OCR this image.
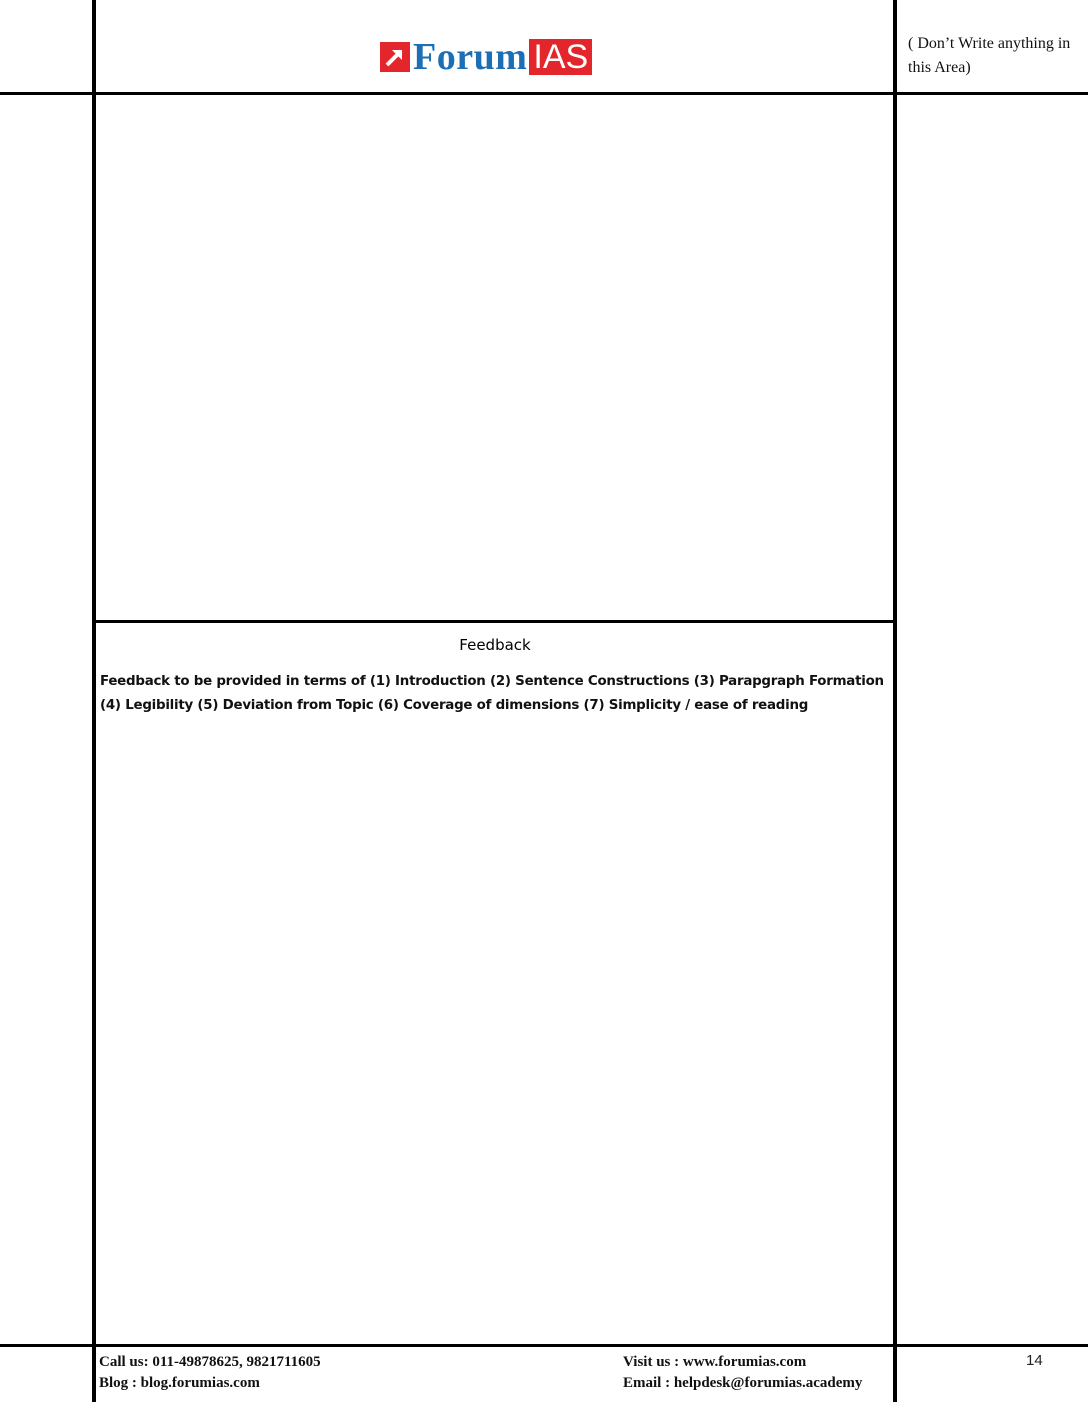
Forum IAS	( Don’t Write anything in this Area)
Feedback
Feedback to be provided in terms of (1) Introduction (2) Sentence Constructions (3) Parapgraph Formation (4) Legibility (5) Deviation from Topic (6) Coverage of dimensions (7) Simplicity / ease of reading
Call us: 011-49878625, 9821711605
Blog : blog.forumias.com
Visit us : www.forumias.com
Email : helpdesk@forumias.academy
14
